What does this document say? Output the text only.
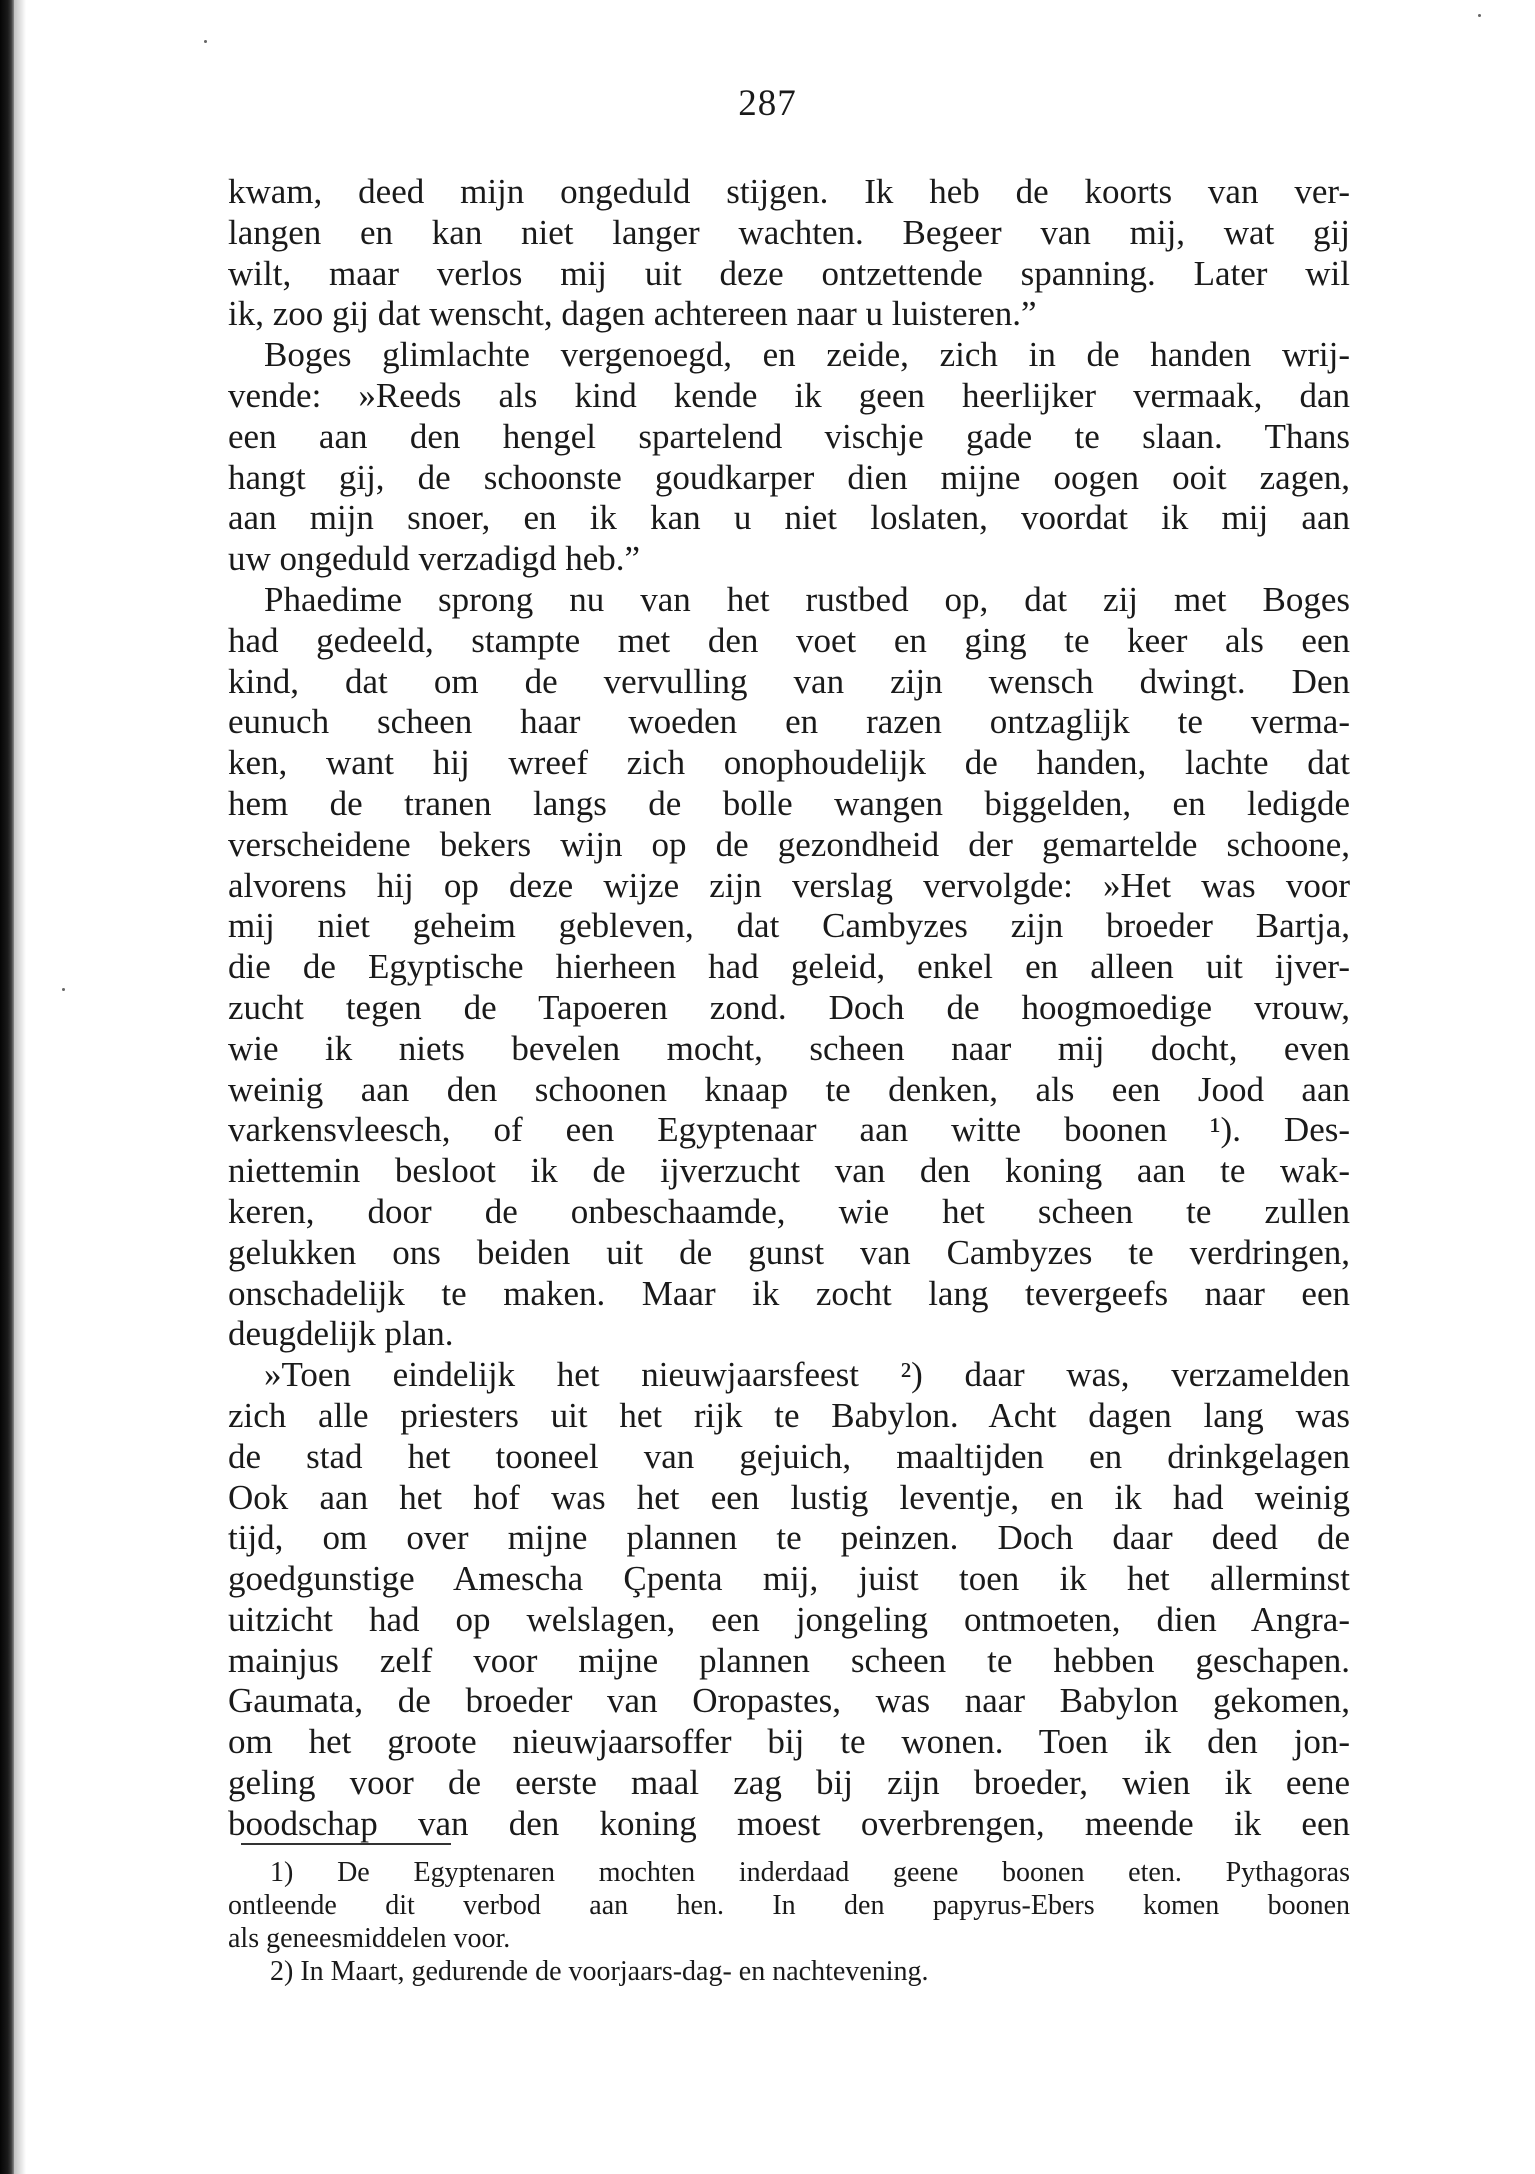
287
kwam, deed mijn ongeduld stijgen. Ik heb de koorts van ver-
langen en kan niet langer wachten. Begeer van mij, wat gij
wilt, maar verlos mij uit deze ontzettende spanning. Later wil
ik, zoo gij dat wenscht, dagen achtereen naar u luisteren.”
Boges glimlachte vergenoegd, en zeide, zich in de handen wrij-
vende: »Reeds als kind kende ik geen heerlijker vermaak, dan
een aan den hengel spartelend vischje gade te slaan. Thans
hangt gij, de schoonste goudkarper dien mijne oogen ooit zagen,
aan mijn snoer, en ik kan u niet loslaten, voordat ik mij aan
uw ongeduld verzadigd heb.”
Phaedime sprong nu van het rustbed op, dat zij met Boges
had gedeeld, stampte met den voet en ging te keer als een
kind, dat om de vervulling van zijn wensch dwingt. Den
eunuch scheen haar woeden en razen ontzaglijk te verma-
ken, want hij wreef zich onophoudelijk de handen, lachte dat
hem de tranen langs de bolle wangen biggelden, en ledigde
verscheidene bekers wijn op de gezondheid der gemartelde schoone,
alvorens hij op deze wijze zijn verslag vervolgde: »Het was voor
mij niet geheim gebleven, dat Cambyzes zijn broeder Bartja,
die de Egyptische hierheen had geleid, enkel en alleen uit ijver-
zucht tegen de Tapoeren zond. Doch de hoogmoedige vrouw,
wie ik niets bevelen mocht, scheen naar mij docht, even
weinig aan den schoonen knaap te denken, als een Jood aan
varkensvleesch, of een Egyptenaar aan witte boonen ¹). Des-
niettemin besloot ik de ijverzucht van den koning aan te wak-
keren, door de onbeschaamde, wie het scheen te zullen
gelukken ons beiden uit de gunst van Cambyzes te verdringen,
onschadelijk te maken. Maar ik zocht lang tevergeefs naar een
deugdelijk plan.
»Toen eindelijk het nieuwjaarsfeest ²) daar was, verzamelden
zich alle priesters uit het rijk te Babylon. Acht dagen lang was
de stad het tooneel van gejuich, maaltijden en drinkgelagen
Ook aan het hof was het een lustig leventje, en ik had weinig
tijd, om over mijne plannen te peinzen. Doch daar deed de
goedgunstige Amescha Çpenta mij, juist toen ik het allerminst
uitzicht had op welslagen, een jongeling ontmoeten, dien Angra-
mainjus zelf voor mijne plannen scheen te hebben geschapen.
Gaumata, de broeder van Oropastes, was naar Babylon gekomen,
om het groote nieuwjaarsoffer bij te wonen. Toen ik den jon-
geling voor de eerste maal zag bij zijn broeder, wien ik eene
boodschap van den koning moest overbrengen, meende ik een
1) De Egyptenaren mochten inderdaad geene boonen eten. Pythagoras
ontleende dit verbod aan hen. In den papyrus-Ebers komen boonen
als geneesmiddelen voor.
2) In Maart, gedurende de voorjaars-dag- en nachtevening.
